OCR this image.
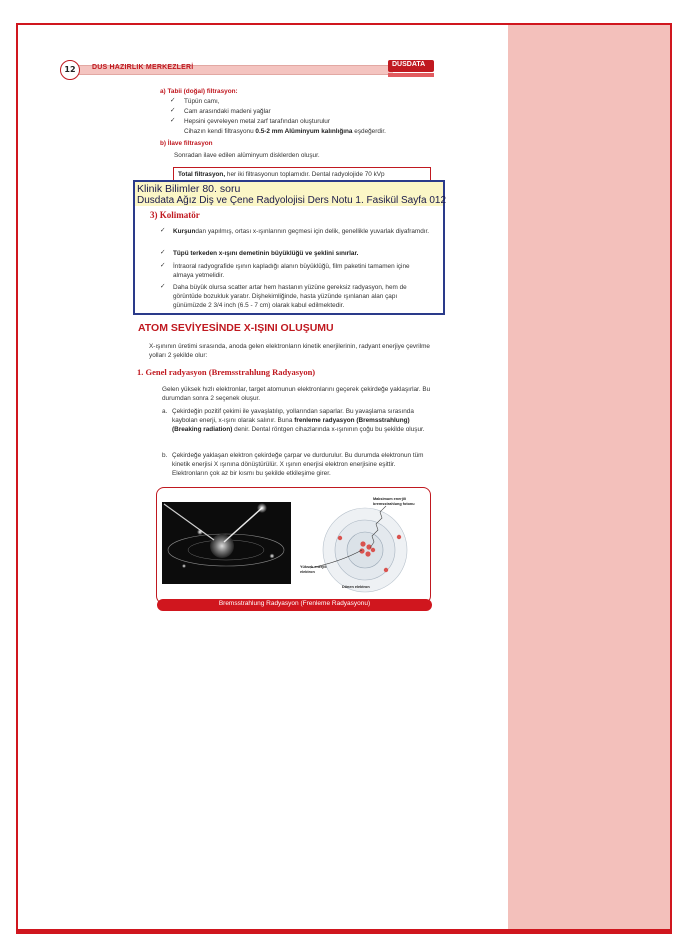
12	DUS HAZIRLIK MERKEZLERİ	DUSDATA
a) Tabii (doğal) filtrasyon:
✓ Tüpün camı,
✓ Cam arasındaki madeni yağlar
✓ Hepsini çevreleyen metal zarf tarafından oluşturulur
Cihazın kendi filtrasyonu 0.5-2 mm Alüminyum kalınlığına eşdeğerdir.
b) İlave filtrasyon
Sonradan ilave edilen alüminyum disklerden oluşur.
Total filtrasyon, her iki filtrasyonun toplamıdır. Dental radyolojide 70 kVp
Klinik Bilimler 80. soru
Dusdata Ağız Diş ve Çene Radyolojisi Ders Notu 1. Fasikül Sayfa 012
3) Kolimatör
✓ Kurşundan yapılmış, ortası x-ışınlarının geçmesi için delik, genellikle yuvarlak diyaframdır.
✓ Tüpü terkeden x-ışını demetinin büyüklüğü ve şeklini sınırlar.
✓ İntraoral radyografide ışının kapladığı alanın büyüklüğü, film paketini tamamen içine almaya yetmelidir.
✓ Daha büyük olursa scatter artar hem hastanın yüzüne gereksiz radyasyon, hem de görüntüde bozukluk yaratır. Dişhekimliğinde, hasta yüzünde ışınlanan alan çapı günümüzde 2 3/4 inch (6.5 - 7 cm) olarak kabul edilmektedir.
ATOM SEVİYESİNDE X-IŞINI OLUŞUMU
X-ışınının üretimi sırasında, anoda gelen elektronların kinetik enerjilerinin, radyant enerjiye çevrilme yolları 2 şekilde olur:
1. Genel radyasyon (Bremsstrahlung Radyasyon)
Gelen yüksek hızlı elektronlar, target atomunun elektronlarını geçerek çekirdeğe yaklaşırlar. Bu durumdan sonra 2 seçenek oluşur.
a. Çekirdeğin pozitif çekimi ile yavaşlatılıp, yollarından saparlar. Bu yavaşlama sırasında kaybolan enerji, x-ışını olarak salınır. Buna frenleme radyasyon (Bremsstrahlung) (Breaking radiation) denir. Dental röntgen cihazlarında x-ışınının çoğu bu şekilde oluşur.
b. Çekirdeğe yaklaşan elektron çekirdeğe çarpar ve durdurulur. Bu durumda elektronun tüm kinetik enerjisi X ışınına dönüştürülür. X ışının enerjisi elektron enerjisine eşittir. Elektronların çok az bir kısmı bu şekilde etkileşime girer.
Maksimum enerjili bremsstrahlung fotonu
Yüksek enerjili elektron
Dönen elektron
Bremsstrahlung Radyasyon (Frenleme Radyasyonu)
